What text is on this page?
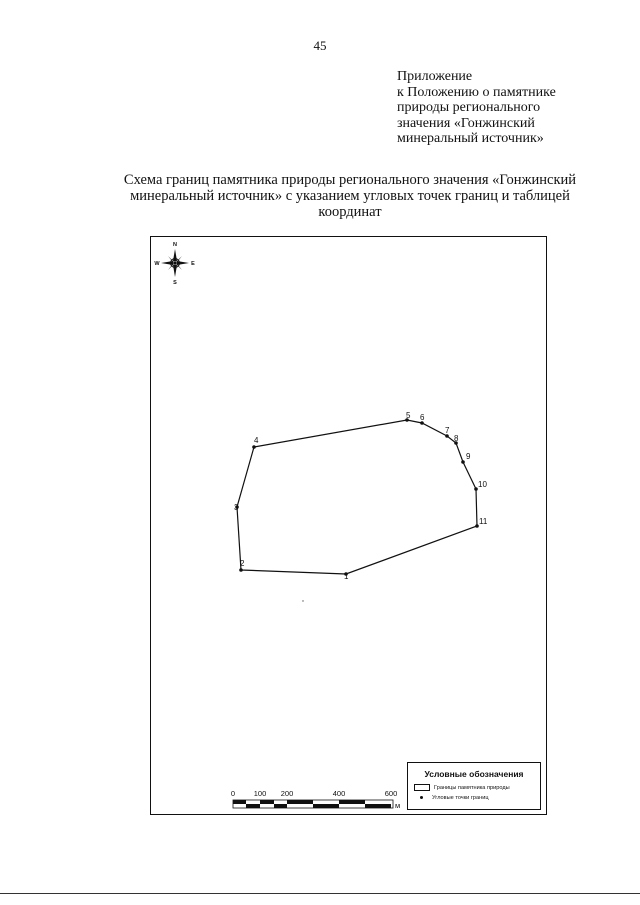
45
Приложение
к Положению о памятнике
природы регионального
значения «Гонжинский
минеральный источник»
Схема границ памятника природы регионального значения «Гонжинский
минеральный источник» с указанием угловых точек границ и таблицей
координат
N
S
E
W
1
2
3
4
5 6
7
8
9
10
11
0 100 200	400	600
м
Условные обозначения
Границы памятника природы
Угловые точки границ
